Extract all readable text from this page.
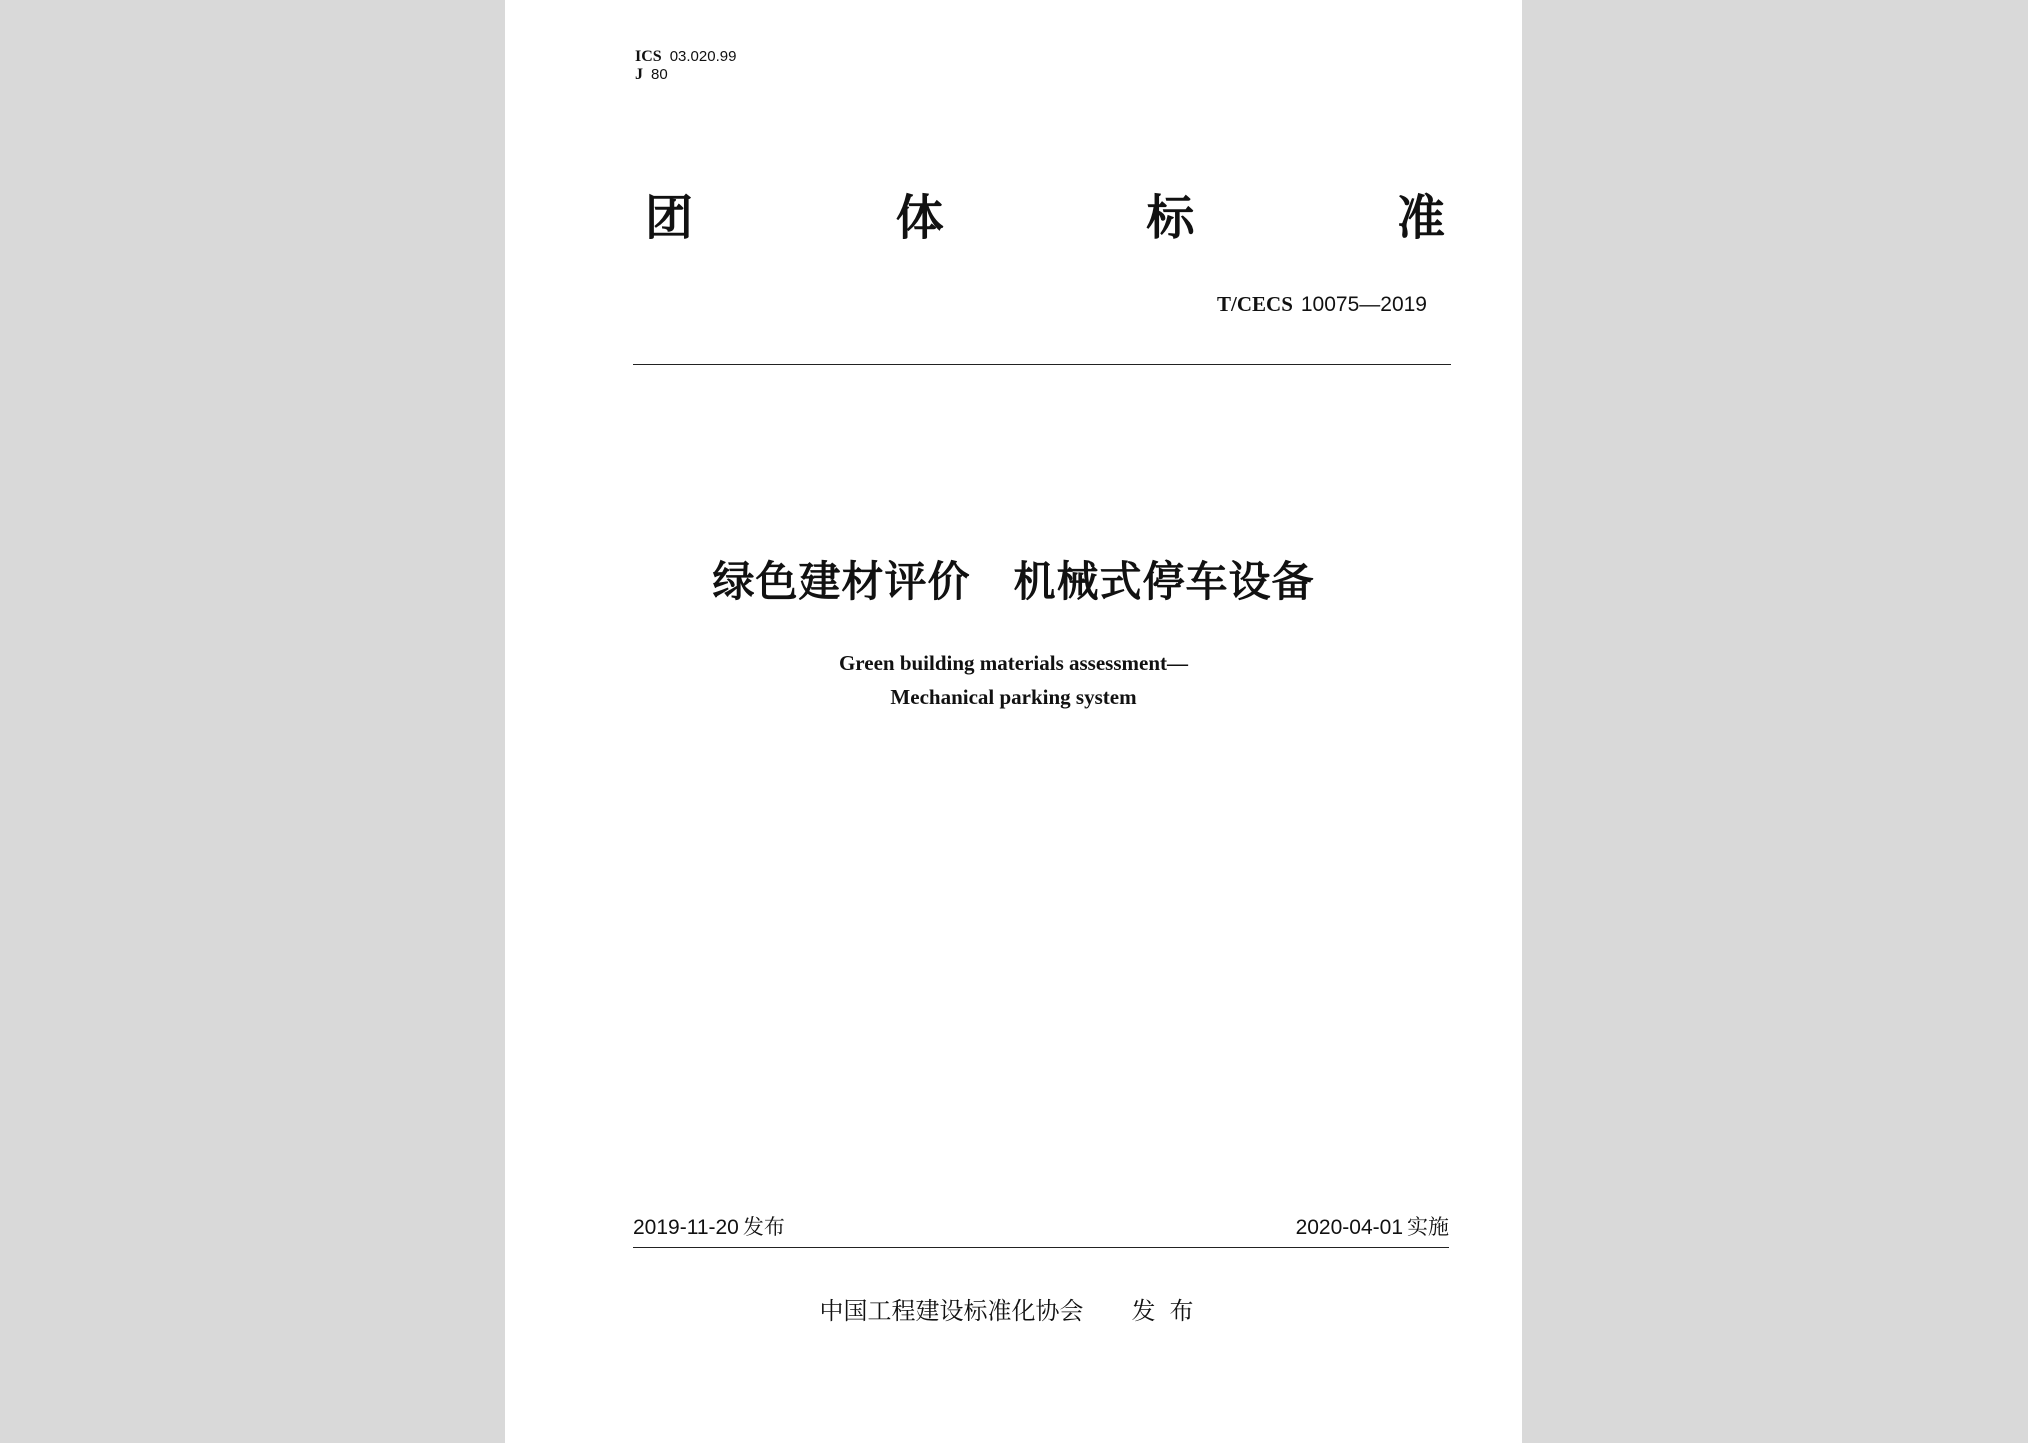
ICS 03.020.99
J 80
团	体	标	准
T/CECS 10075—2019
绿色建材评价　机械式停车设备
Green building materials assessment—
Mechanical parking system
2019-11-20 发布	2020-04-01 实施
中国工程建设标准化协会 发布
